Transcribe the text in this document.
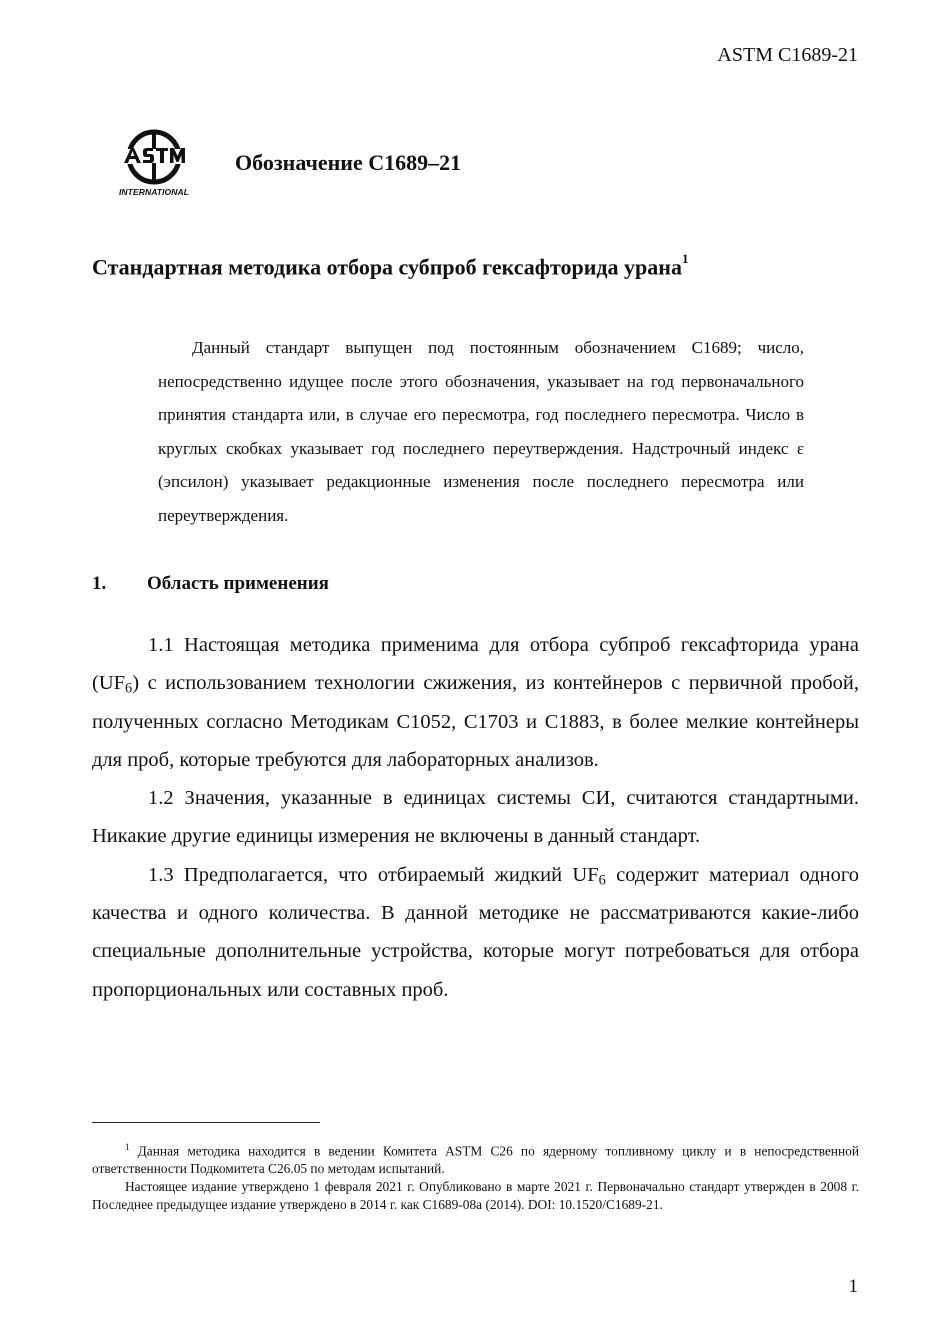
ASTM C1689-21
INTERNATIONAL
Обозначение C1689–21
Стандартная методика отбора субпроб гексафторида урана$^1$
Данный стандарт выпущен под постоянным обозначением С1689; число, непосредственно идущее после этого обозначения, указывает на год первоначального принятия стандарта или, в случае его пересмотра, год последнего пересмотра. Число в круглых скобках указывает год последнего переутверждения. Надстрочный индекс ε (эпсилон) указывает редакционные изменения после последнего пересмотра или переутверждения.
1. Область применения

1.1 Настоящая методика применима для отбора субпроб гексафторида урана $(UF_6)$ с использованием технологии сжижения, из контейнеров с первичной пробой, полученных согласно Методикам С1052, С1703 и С1883, в более мелкие контейнеры для проб, которые требуются для лабораторных анализов.

1.2 Значения, указанные в единицах системы СИ, считаются стандартными. Никакие другие единицы измерения не включены в данный стандарт.

1.3 Предполагается, что отбираемый жидкий $UF_6$ содержит материал одного качества и одного количества. В данной методике не рассматриваются какие-либо специальные дополнительные устройства, которые могут потребоваться для отбора пропорциональных или составных проб.

$^1$ Данная методика находится в ведении Комитета ASTM C26 по ядерному топливному циклу и в непосредственной ответственности Подкомитета C26.05 по методам испытаний.

Настоящее издание утверждено 1 февраля 2021 г. Опубликовано в марте 2021 г. Первоначально стандарт утвержден в 2008 г. Последнее предыдущее издание утверждено в 2014 г. как C1689-08a (2014). DOI: 10.1520/C1689-21.

1
